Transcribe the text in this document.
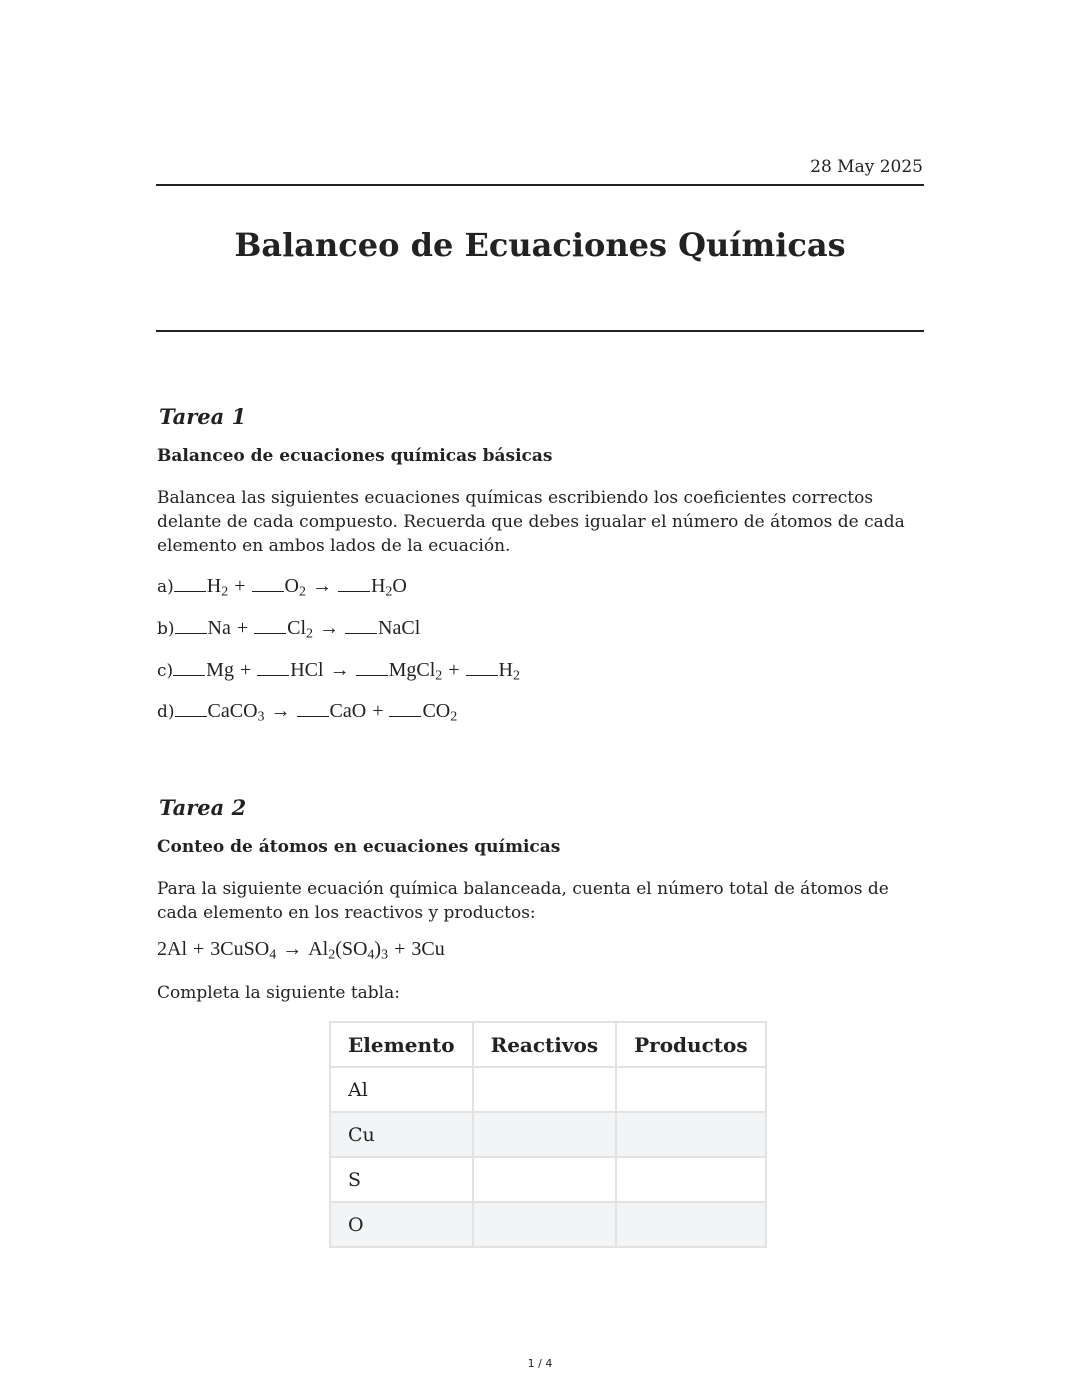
28 May 2025
Balanceo de Ecuaciones Químicas
Tarea 1
Balanceo de ecuaciones químicas básicas

Balancea las siguientes ecuaciones químicas escribiendo los coeficientes correctos delante de cada compuesto. Recuerda que debes igualar el número de átomos de cada elemento en ambos lados de la ecuación.

a) $H_2 + O_2 \to H_2O$
b) $Na + Cl_2$ → NaCl
c) Mg + HCl → MgCl$_2$ + $H_2$
d) CaCO$_3$ → CaO + $CO_2$
Tarea 2
Conteo de átomos en ecuaciones químicas

Para la siguiente ecuación química balanceada, cuenta el número total de átomos de cada elemento en los reactivos y productos:

2Al + 3CuSO$_4$ → $Al_2(SO_4)_3 + 3Cu$

Completa la siguiente tabla:

Elemento	Reactivos	Productos
Al		
Cu		
S		
O		
1 / 4
